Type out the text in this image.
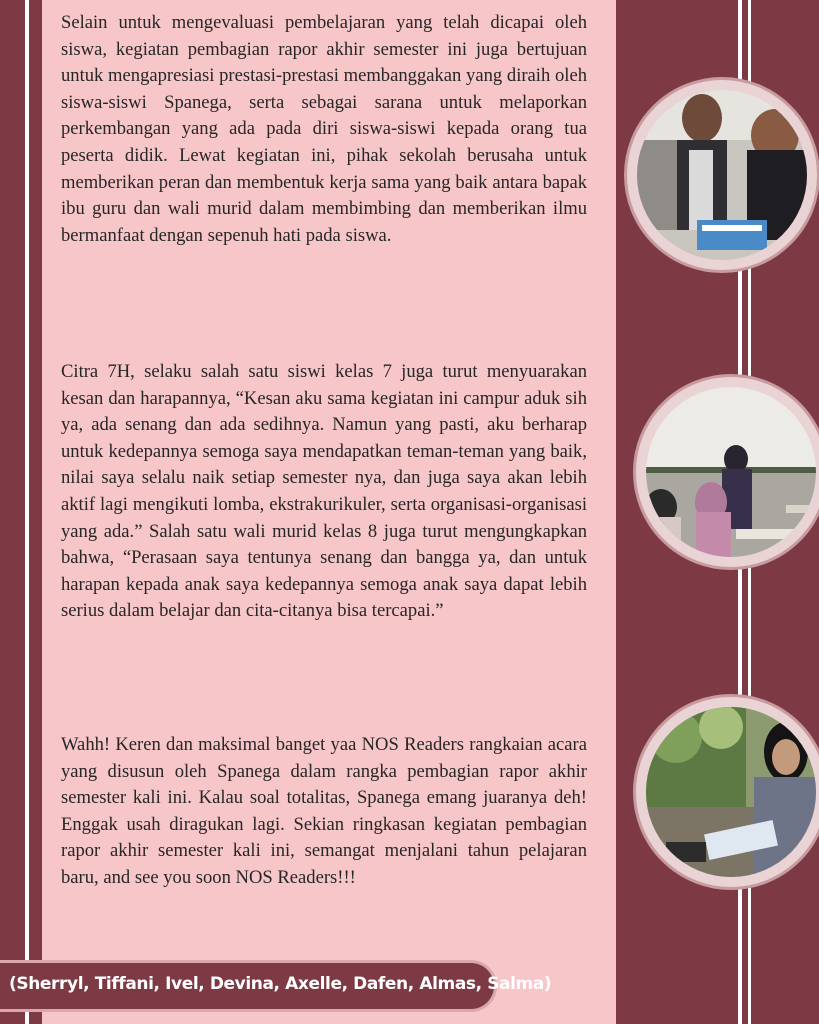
Selain untuk mengevaluasi pembelajaran yang telah dicapai oleh siswa, kegiatan pembagian rapor akhir semester ini juga bertujuan untuk mengapresiasi prestasi-prestasi membanggakan yang diraih oleh siswa-siswi Spanega, serta sebagai sarana untuk melaporkan perkembangan yang ada pada diri siswa-siswi kepada orang tua peserta didik. Lewat kegiatan ini, pihak sekolah berusaha untuk memberikan peran dan membentuk kerja sama yang baik antara bapak ibu guru dan wali murid dalam membimbing dan memberikan ilmu bermanfaat dengan sepenuh hati pada siswa.

Citra 7H, selaku salah satu siswi kelas 7 juga turut menyuarakan kesan dan harapannya, “Kesan aku sama kegiatan ini campur aduk sih ya, ada senang dan ada sedihnya. Namun yang pasti, aku berharap untuk kedepannya semoga saya mendapatkan teman-teman yang baik, nilai saya selalu naik setiap semester nya, dan juga saya akan lebih aktif lagi mengikuti lomba, ekstrakurikuler, serta organisasi-organisasi yang ada.” Salah satu wali murid kelas 8 juga turut mengungkapkan bahwa, “Perasaan saya tentunya senang dan bangga ya, dan untuk harapan kepada anak saya kedepannya semoga anak saya dapat lebih serius dalam belajar dan cita-citanya bisa tercapai.”

Wahh! Keren dan maksimal banget yaa NOS Readers rangkaian acara yang disusun oleh Spanega dalam rangka pembagian rapor akhir semester kali ini. Kalau soal totalitas, Spanega emang juaranya deh! Enggak usah diragukan lagi. Sekian ringkasan kegiatan pembagian rapor akhir semester kali ini, semangat menjalani tahun pelajaran baru, and see you soon NOS Readers!!!

(Sherryl, Tiffani, Ivel, Devina, Axelle, Dafen, Almas, Salma)
